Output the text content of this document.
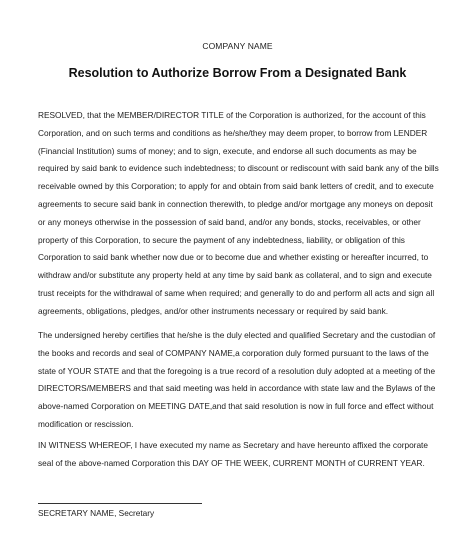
COMPANY NAME
Resolution to Authorize Borrow From a Designated Bank

RESOLVED, that the MEMBER/DIRECTOR TITLE of the Corporation is authorized, for the account of this Corporation, and on such terms and conditions as he/she/they may deem proper, to borrow from LENDER (Financial Institution) sums of money; and to sign, execute, and endorse all such documents as may be required by said bank to evidence such indebtedness; to discount or rediscount with said bank any of the bills receivable owned by this Corporation; to apply for and obtain from said bank letters of credit, and to execute agreements to secure said bank in connection therewith, to pledge and/or mortgage any moneys on deposit or any moneys otherwise in the possession of said band, and/or any bonds, stocks, receivables, or other property of this Corporation, to secure the payment of any indebtedness, liability, or obligation of this Corporation to said bank whether now due or to become due and whether existing or hereafter incurred, to withdraw and/or substitute any property held at any time by said bank as collateral, and to sign and execute trust receipts for the withdrawal of same when required; and generally to do and perform all acts and sign all agreements, obligations, pledges, and/or other instruments necessary or required by said bank.

The undersigned hereby certifies that he/she is the duly elected and qualified Secretary and the custodian of the books and records and seal of COMPANY NAME,a corporation duly formed pursuant to the laws of the state of YOUR STATE and that the foregoing is a true record of a resolution duly adopted at a meeting of the DIRECTORS/MEMBERS and that said meeting was held in accordance with state law and the Bylaws of the above-named Corporation on MEETING DATE,and that said resolution is now in full force and effect without modification or rescission.

IN WITNESS WHEREOF, I have executed my name as Secretary and have hereunto affixed the corporate seal of the above-named Corporation this DAY OF THE WEEK, CURRENT MONTH of CURRENT YEAR.

SECRETARY NAME, Secretary
